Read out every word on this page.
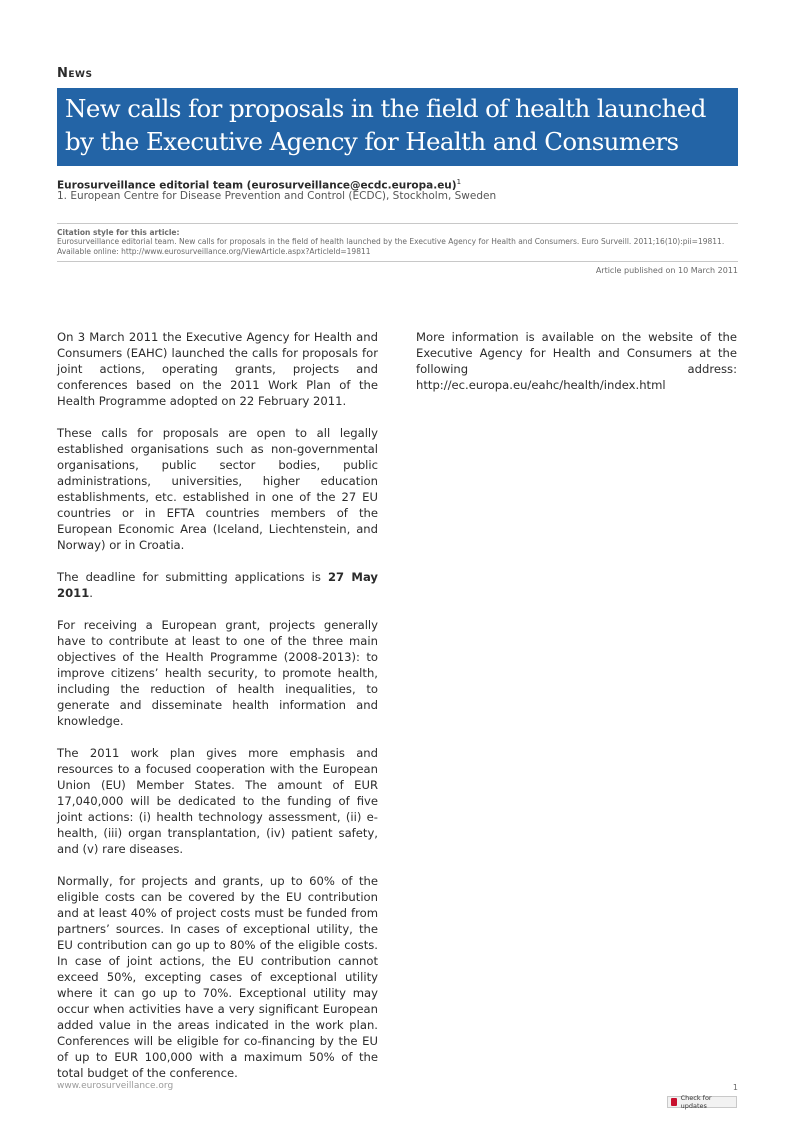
News
New calls for proposals in the field of health launched by the Executive Agency for Health and Consumers
Eurosurveillance editorial team (eurosurveillance@ecdc.europa.eu)$^1$
1. European Centre for Disease Prevention and Control (ECDC), Stockholm, Sweden
Citation style for this article:
Eurosurveillance editorial team. New calls for proposals in the field of health launched by the Executive Agency for Health and Consumers. Euro Surveill. 2011;16(10):pii=19811. Available online: http://www.eurosurveillance.org/ViewArticle.aspx?ArticleId=19811
Article published on 10 March 2011

On 3 March 2011 the Executive Agency for Health and Consumers (EAHC) launched the calls for proposals for joint actions, operating grants, projects and conferences based on the 2011 Work Plan of the Health Programme adopted on 22 February 2011.

These calls for proposals are open to all legally established organisations such as non-governmental organisations, public sector bodies, public administrations, universities, higher education establishments, etc. established in one of the 27 EU countries or in EFTA countries members of the European Economic Area (Iceland, Liechtenstein, and Norway) or in Croatia.

The deadline for submitting applications is 27 May 2011.

For receiving a European grant, projects generally have to contribute at least to one of the three main objectives of the Health Programme (2008-2013): to improve citizens’ health security, to promote health, including the reduction of health inequalities, to generate and disseminate health information and knowledge.

The 2011 work plan gives more emphasis and resources to a focused cooperation with the European Union (EU) Member States. The amount of EUR 17,040,000 will be dedicated to the funding of five joint actions: (i) health technology assessment, (ii) e-health, (iii) organ transplantation, (iv) patient safety, and (v) rare diseases.

Normally, for projects and grants, up to 60% of the eligible costs can be covered by the EU contribution and at least 40% of project costs must be funded from partners’ sources. In cases of exceptional utility, the EU contribution can go up to 80% of the eligible costs. In case of joint actions, the EU contribution cannot exceed 50%, excepting cases of exceptional utility where it can go up to 70%. Exceptional utility may occur when activities have a very significant European added value in the areas indicated in the work plan. Conferences will be eligible for co-financing by the EU of up to EUR 100,000 with a maximum 50% of the total budget of the conference.

More information is available on the website of the Executive Agency for Health and Consumers at the following address: http://ec.europa.eu/eahc/health/index.html

www.eurosurveillance.org	1
Check for updates
